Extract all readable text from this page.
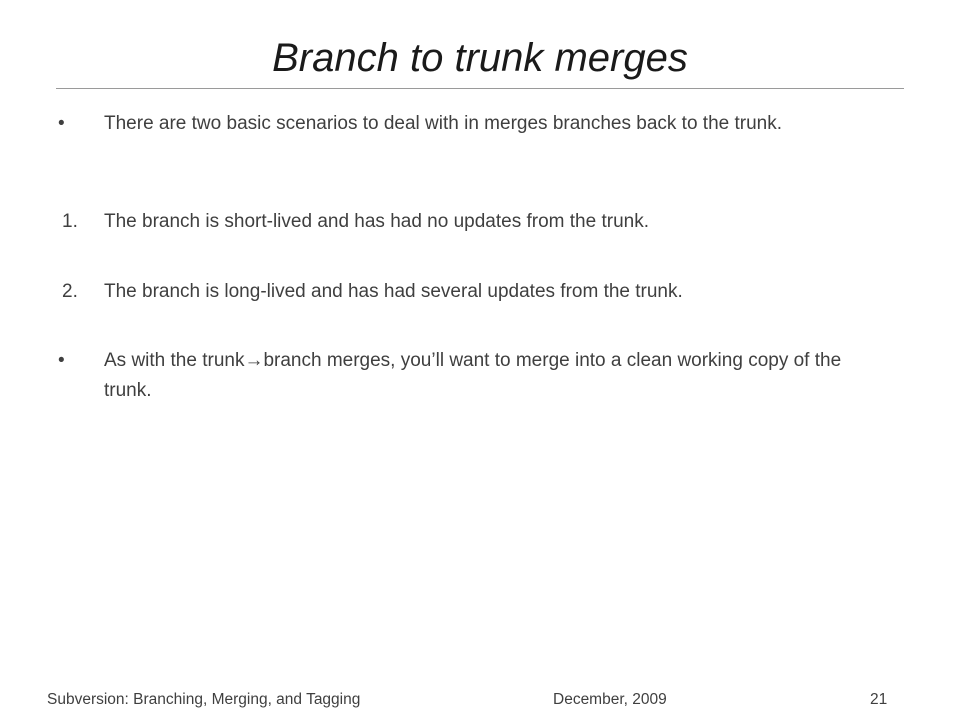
Branch to trunk merges
•	There are two basic scenarios to deal with in merges branches back to the trunk.
1.	The branch is short-lived and has had no updates from the trunk.
2.	The branch is long-lived and has had several updates from the trunk.
•	As with the trunk→branch merges, you’ll want to merge into a clean working copy of the trunk.
Subversion: Branching, Merging, and Tagging	December, 2009	21
